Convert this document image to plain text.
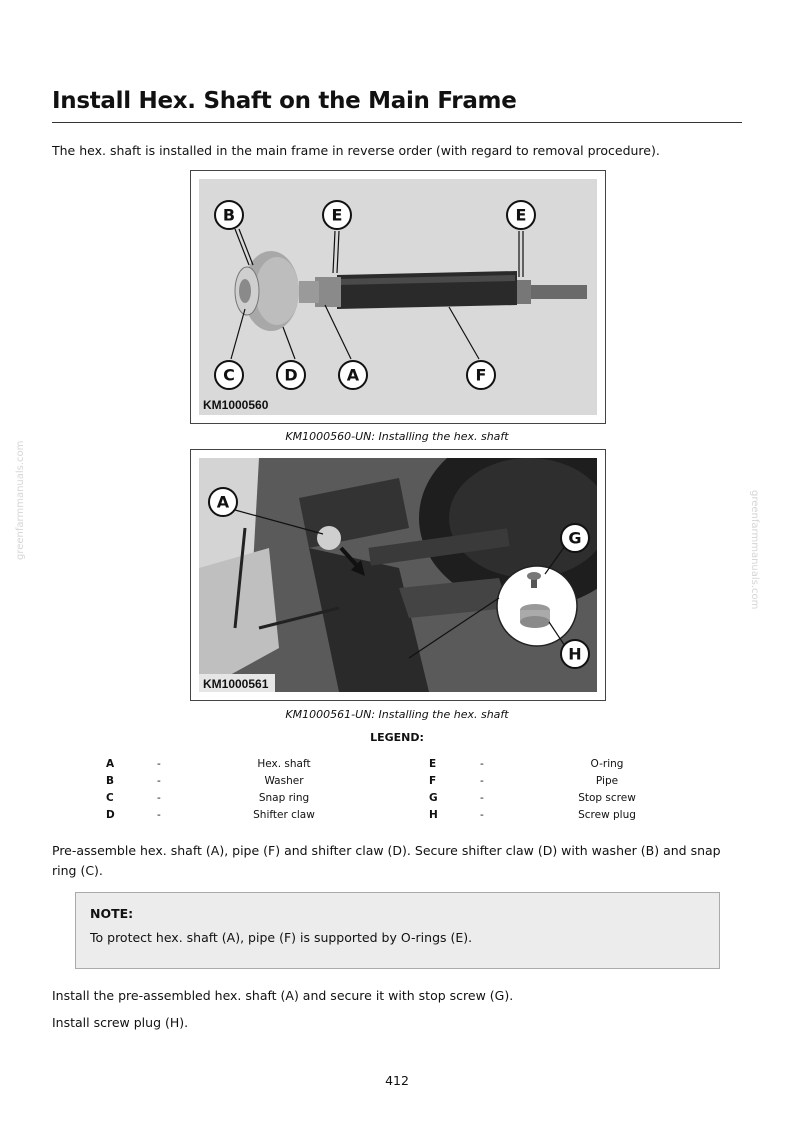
Install Hex. Shaft on the Main Frame
The hex. shaft is installed in the main frame in reverse order (with regard to removal procedure).
B	E	E
C	D	A	F
KM1000560
KM1000560-UN: Installing the hex. shaft
A
G
H
KM1000561
KM1000561-UN: Installing the hex. shaft
LEGEND:
A	-	Hex. shaft
B	-	Washer
C	-	Snap ring
D	-	Shifter claw
E	-	O-ring
F	-	Pipe
G	-	Stop screw
H	-	Screw plug
Pre-assemble hex. shaft (A), pipe (F) and shifter claw (D). Secure shifter claw (D) with washer (B) and snap ring (C).
NOTE:
To protect hex. shaft (A), pipe (F) is supported by O-rings (E).
Install the pre-assembled hex. shaft (A) and secure it with stop screw (G).
Install screw plug (H).
412
greenfarmmanuals.com	greenfarmmanuals.com
